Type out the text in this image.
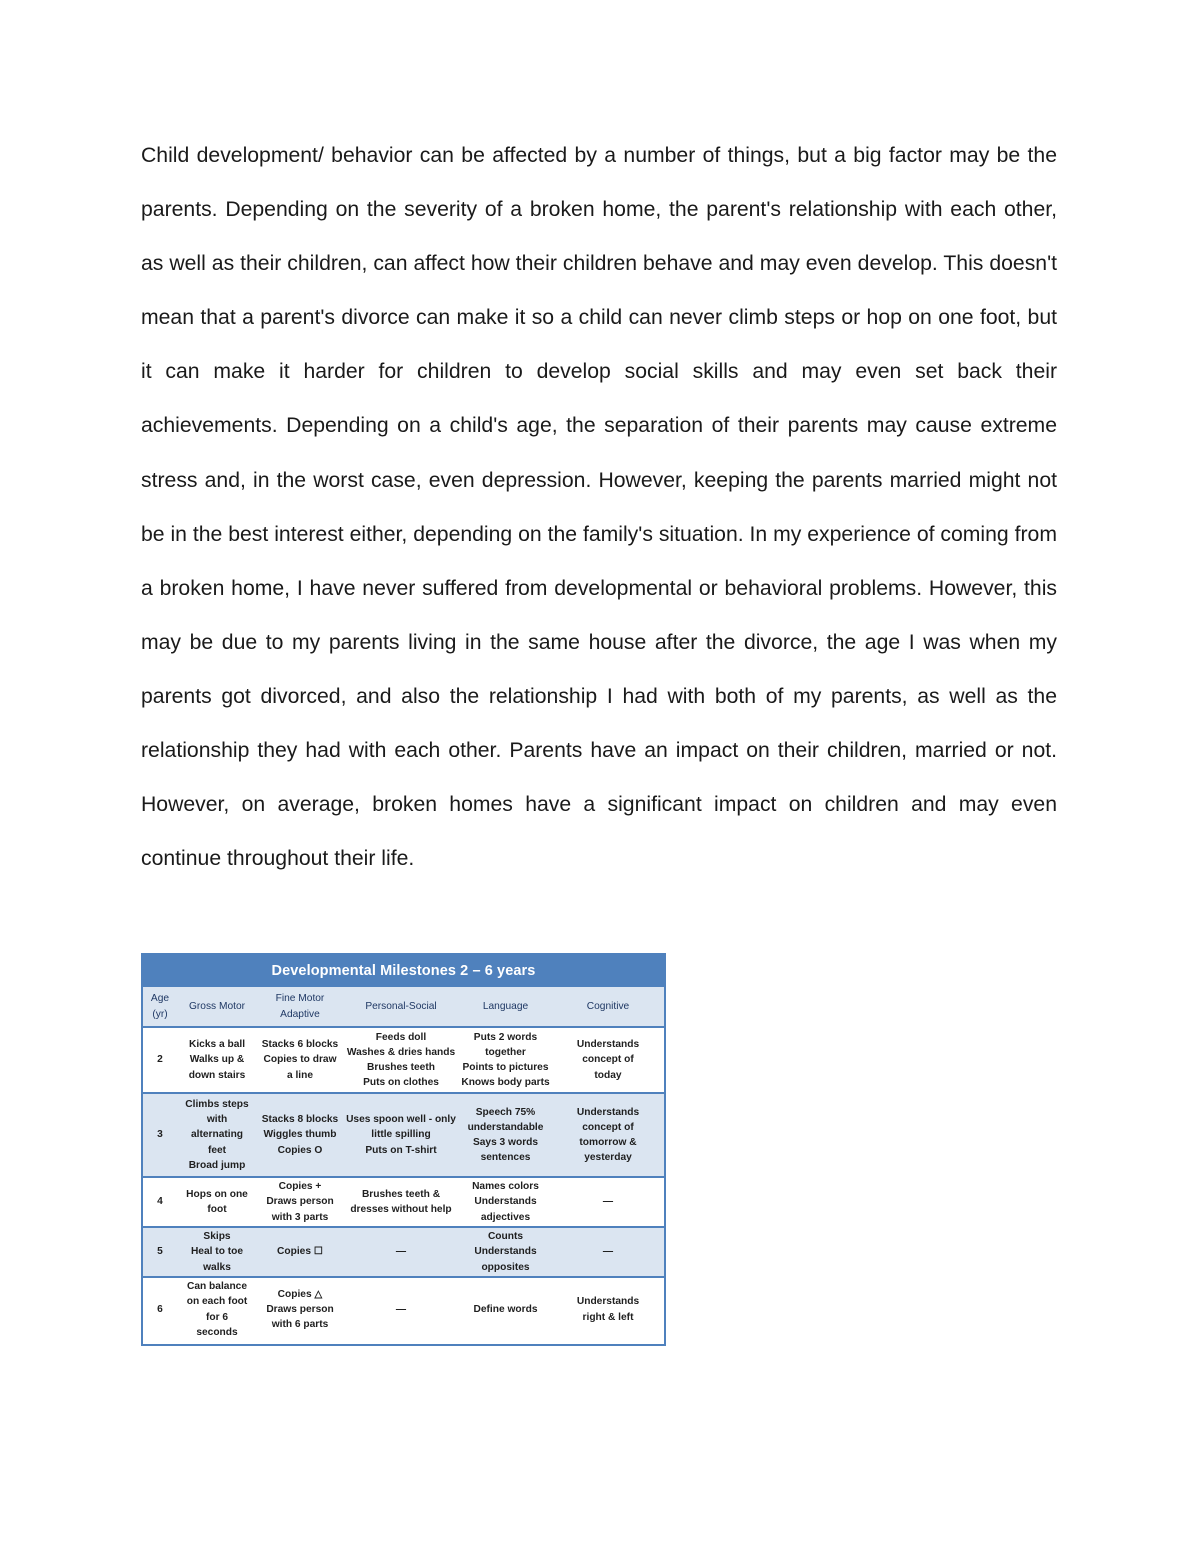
Child development/ behavior can be affected by a number of things, but a big factor may be the parents. Depending on the severity of a broken home, the parent's relationship with each other, as well as their children, can affect how their children behave and may even develop. This doesn't mean that a parent's divorce can make it so a child can never climb steps or hop on one foot, but it can make it harder for children to develop social skills and may even set back their achievements. Depending on a child's age, the separation of their parents may cause extreme stress and, in the worst case, even depression. However, keeping the parents married might not be in the best interest either, depending on the family's situation. In my experience of coming from a broken home, I have never suffered from developmental or behavioral problems. However, this may be due to my parents living in the same house after the divorce, the age I was when my parents got divorced, and also the relationship I had with both of my parents, as well as the relationship they had with each other. Parents have an impact on their children, married or not. However, on average, broken homes have a significant impact on children and may even continue throughout their life.

Developmental Milestones 2 – 6 years
Age
(yr)	Gross Motor	Fine Motor
Adaptive	Personal-Social	Language	Cognitive
2	Kicks a ball
Walks up &
down stairs	Stacks 6 blocks
Copies to draw
a line	Feeds doll
Washes & dries hands
Brushes teeth
Puts on clothes	Puts 2 words
together
Points to pictures
Knows body parts	Understands
concept of
today
3	Climbs steps
with
alternating
feet
Broad jump	Stacks 8 blocks
Wiggles thumb
Copies O	Uses spoon well - only
little spilling
Puts on T-shirt	Speech 75%
understandable
Says 3 words
sentences	Understands
concept of
tomorrow &
yesterday
4	Hops on one
foot	Copies +
Draws person
with 3 parts	Brushes teeth &
dresses without help	Names colors
Understands
adjectives	—
5	Skips
Heal to toe
walks	Copies ☐	—	Counts
Understands
opposites	—
6	Can balance
on each foot
for 6
seconds	Copies △
Draws person
with 6 parts	—	Define words	Understands
right & left
